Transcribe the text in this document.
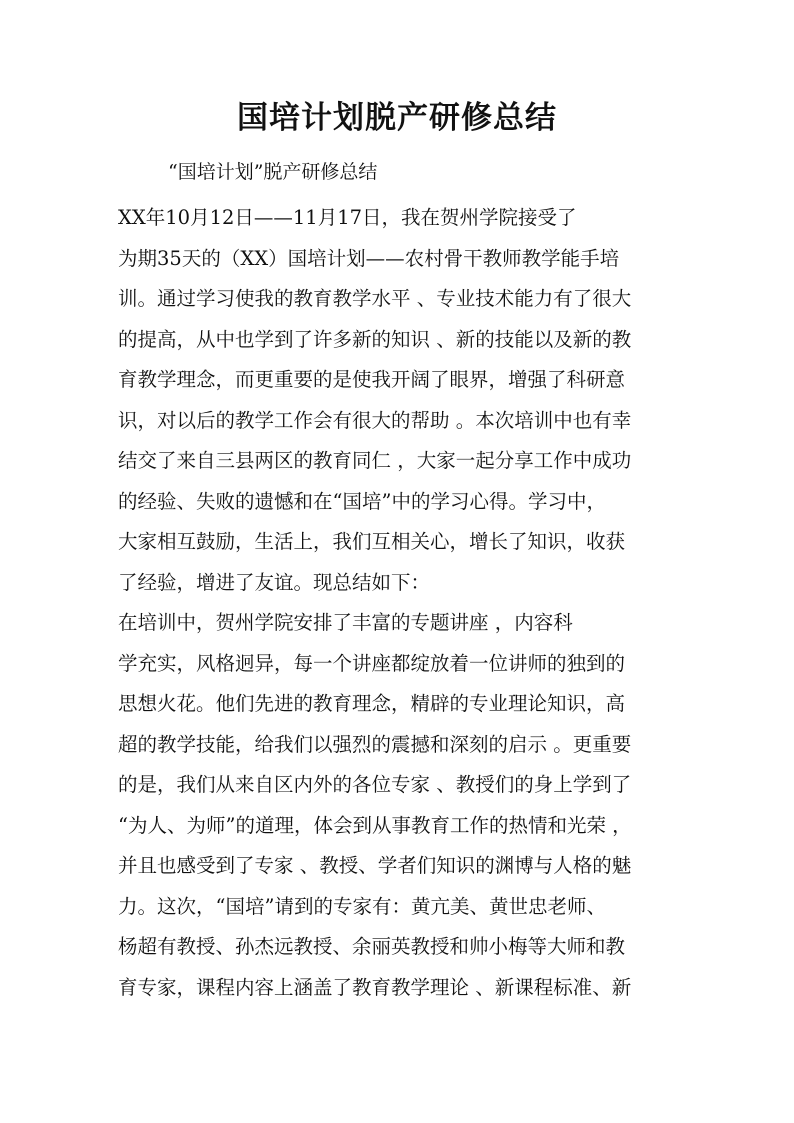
国培计划脱产研修总结

“国培计划”脱产研修总结

XX年10月12日——11月17日，我在贺州学院接受了
为期35天的（XX）国培计划——农村骨干教师教学能手培
训。通过学习使我的教育教学水平 、专业技术能力有了很大
的提高，从中也学到了许多新的知识 、新的技能以及新的教
育教学理念，而更重要的是使我开阔了眼界，增强了科研意
识，对以后的教学工作会有很大的帮助 。本次培训中也有幸
结交了来自三县两区的教育同仁 ，大家一起分享工作中成功
的经验、失败的遗憾和在“国培”中的学习心得。学习中，
大家相互鼓励，生活上，我们互相关心，增长了知识，收获
了经验，增进了友谊。现总结如下：
在培训中，贺州学院安排了丰富的专题讲座 ，内容科
学充实，风格迥异，每一个讲座都绽放着一位讲师的独到的
思想火花。他们先进的教育理念，精辟的专业理论知识，高
超的教学技能，给我们以强烈的震撼和深刻的启示 。更重要
的是，我们从来自区内外的各位专家 、教授们的身上学到了
“为人、为师”的道理，体会到从事教育工作的热情和光荣 ，
并且也感受到了专家 、教授、学者们知识的渊博与人格的魅
力。这次，“国培”请到的专家有：黄亢美、黄世忠老师、
杨超有教授、孙杰远教授、余丽英教授和帅小梅等大师和教
育专家，课程内容上涵盖了教育教学理论 、新课程标准、新
